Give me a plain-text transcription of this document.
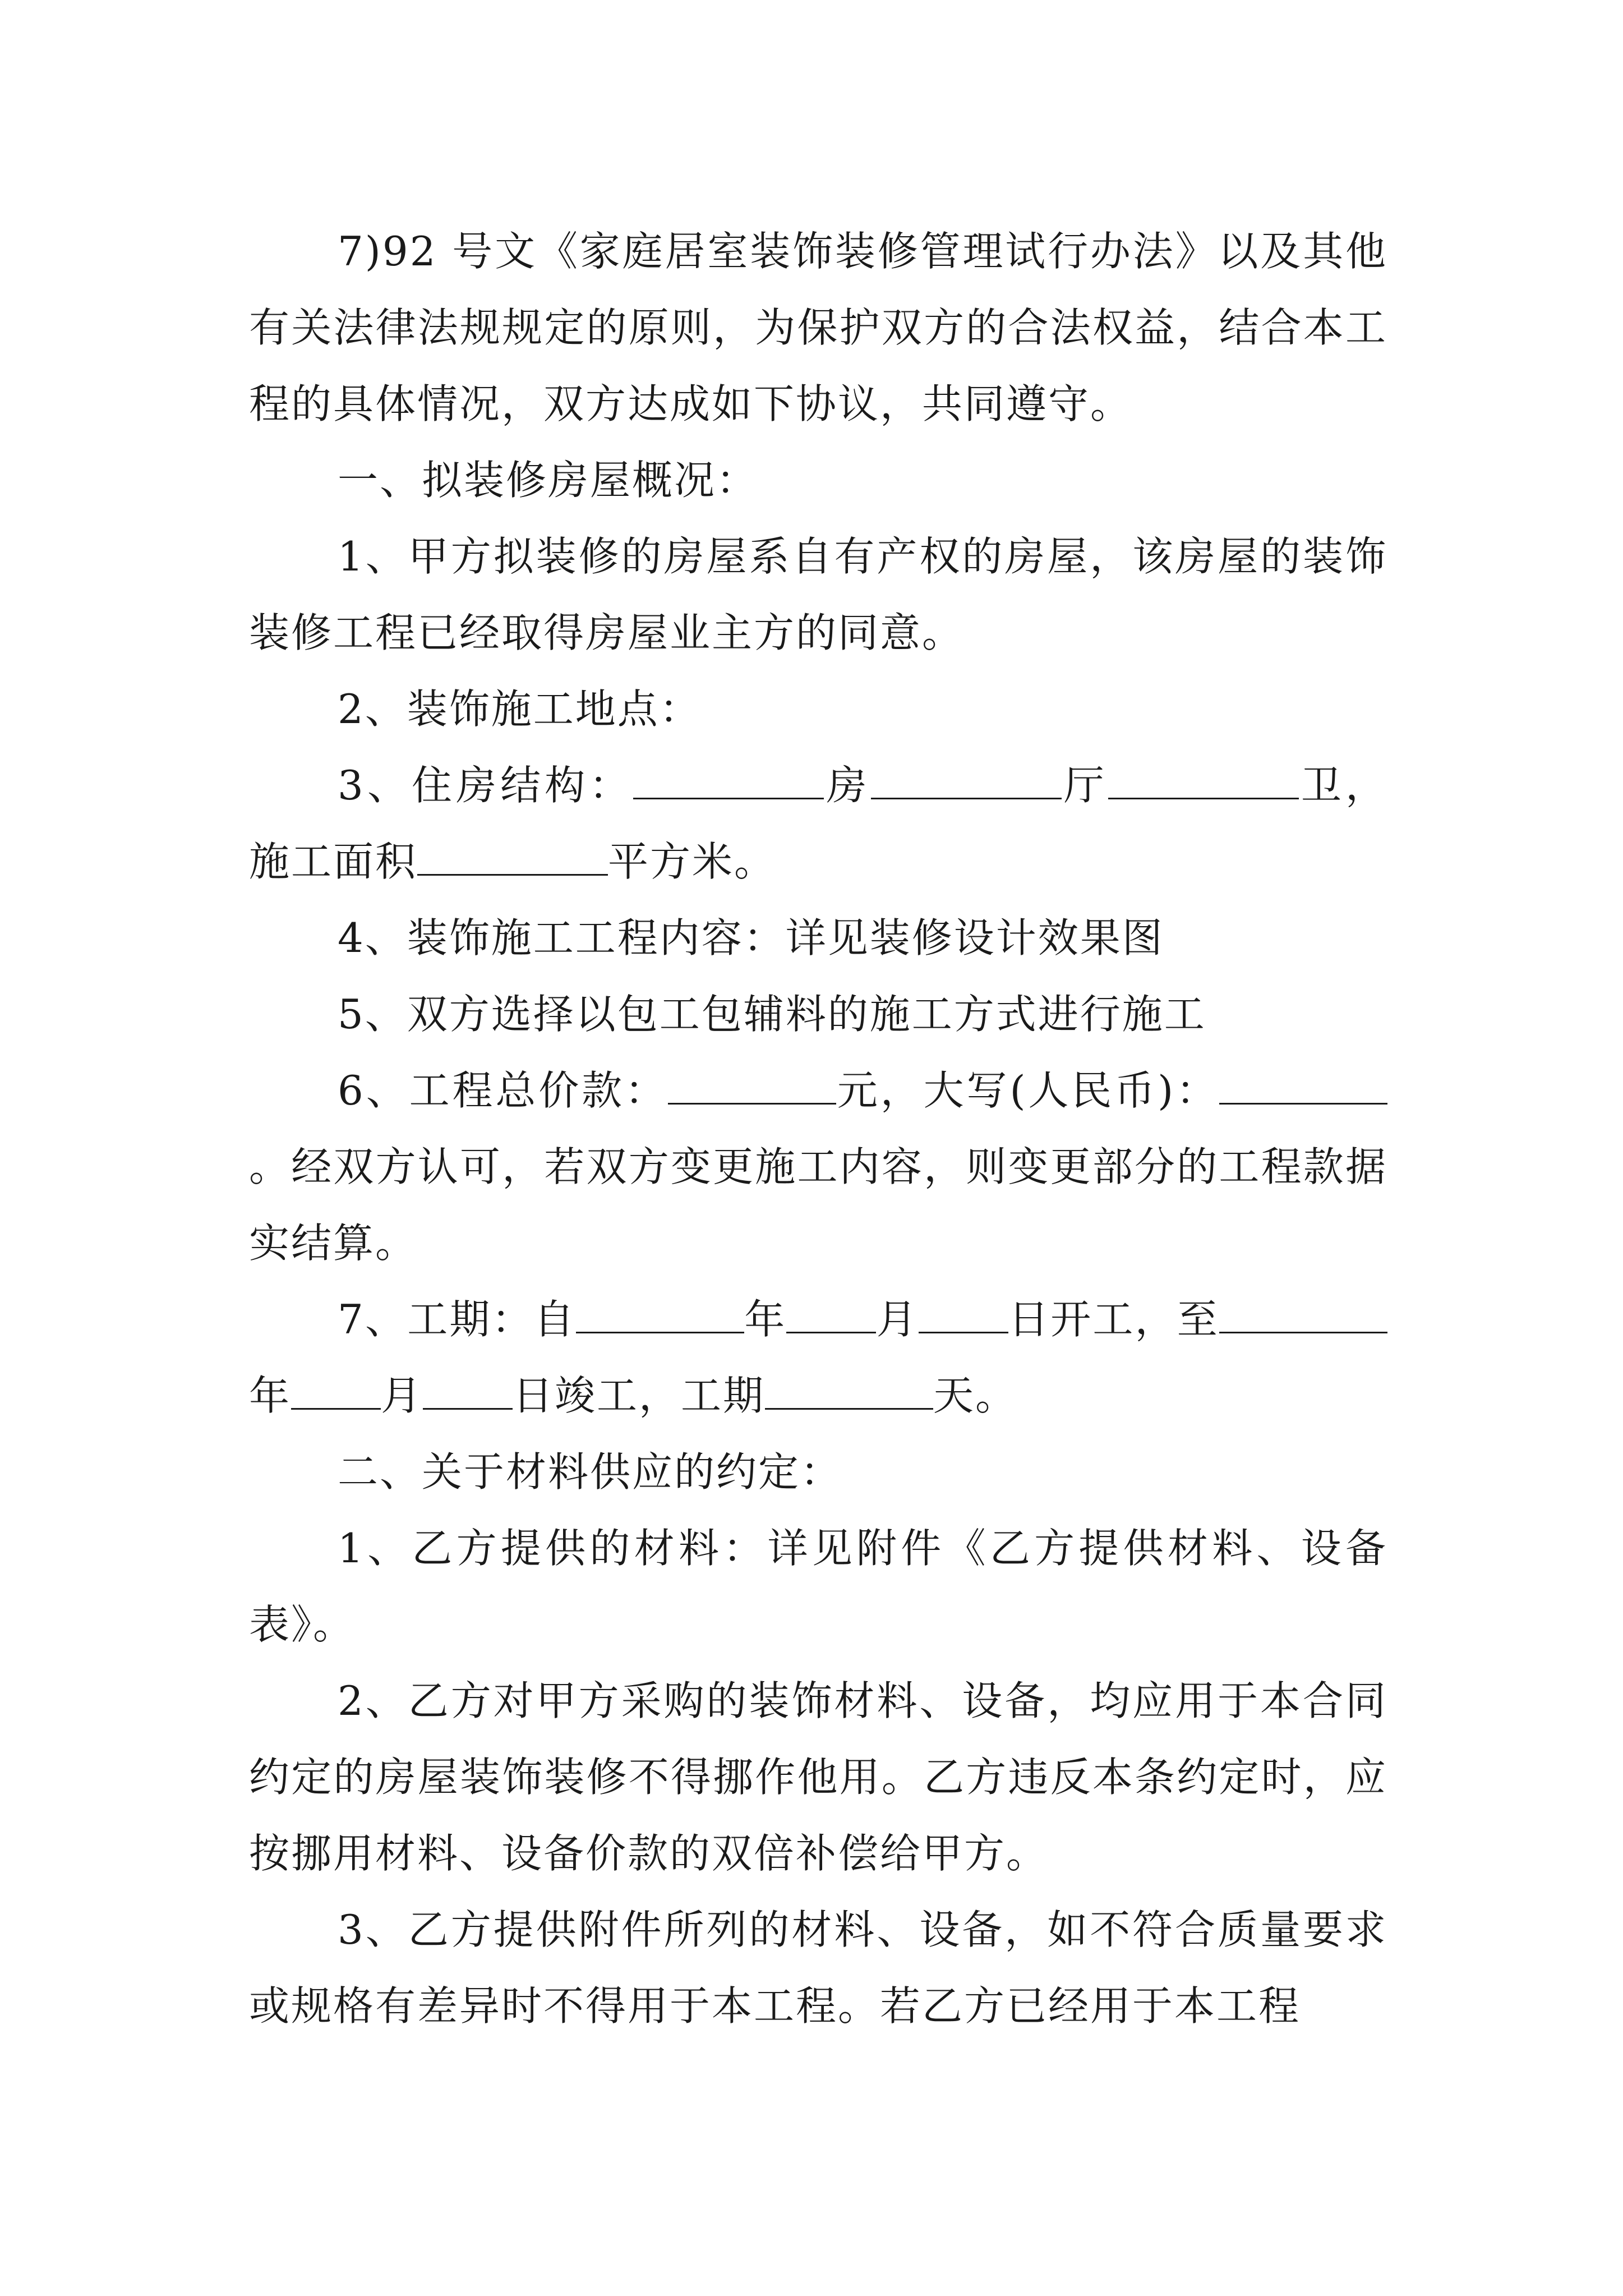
7)92 号文《家庭居室装饰装修管理试行办法》以及其他有关法律法规规定的原则，为保护双方的合法权益，结合本工程的具体情况，双方达成如下协议，共同遵守。

一、拟装修房屋概况：

1、甲方拟装修的房屋系自有产权的房屋，该房屋的装饰装修工程已经取得房屋业主方的同意。

2、装饰施工地点：

3、住房结构：	房	厅	卫，施工面积	平方米。

4、装饰施工工程内容：详见装修设计效果图

5、双方选择以包工包辅料的施工方式进行施工

6、工程总价款：	元，大写(人民币)：。经双方认可，若双方变更施工内容，则变更部分的工程款据实结算。

7、工期：自	年 月 日开工，至年 月 日竣工，工期	天。

二、关于材料供应的约定：

1、乙方提供的材料：详见附件《乙方提供材料、设备表》。

2、乙方对甲方采购的装饰材料、设备，均应用于本合同约定的房屋装饰装修不得挪作他用。乙方违反本条约定时，应按挪用材料、设备价款的双倍补偿给甲方。

3、乙方提供附件所列的材料、设备，如不符合质量要求或规格有差异时不得用于本工程。若乙方已经用于本工程
